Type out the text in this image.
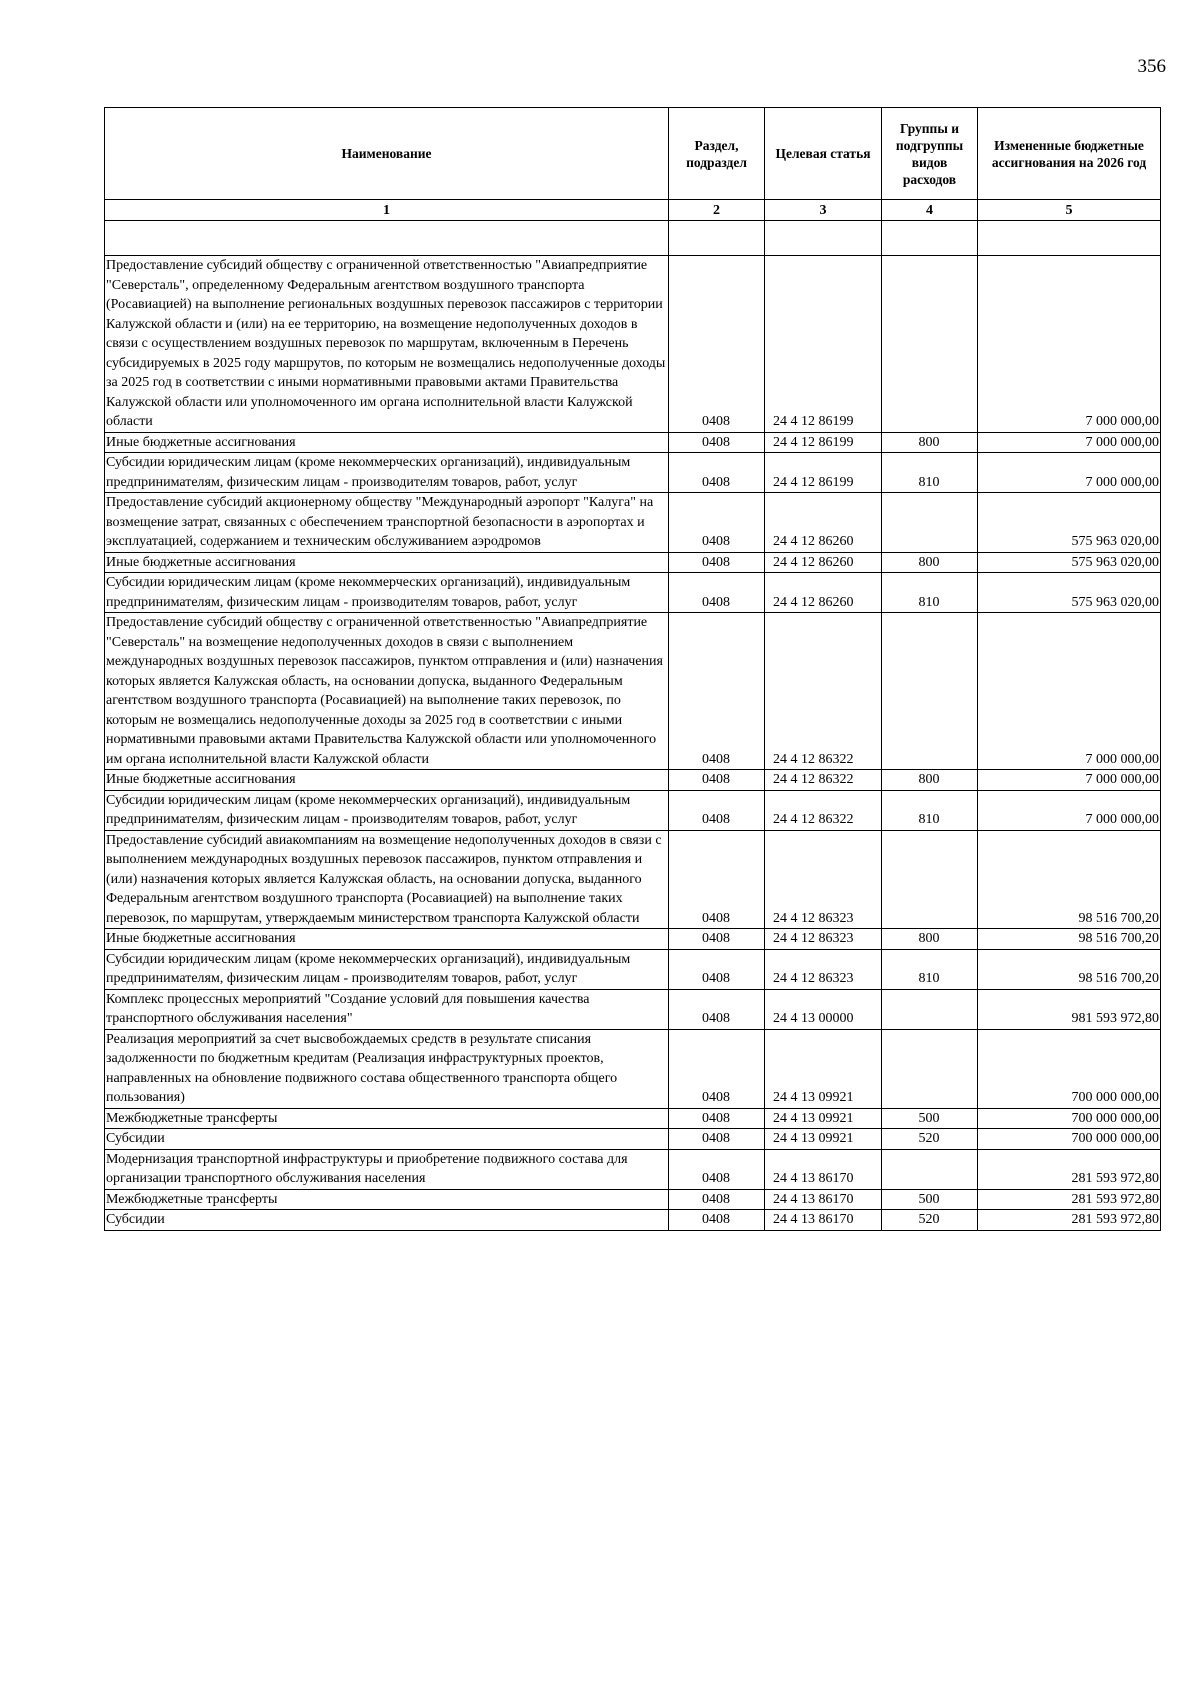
356
Наименование	Раздел, подраздел	Целевая статья	Группы и подгруппы видов расходов	Измененные бюджетные ассигнования на 2026 год
1	2	3	4	5

Предоставление субсидий обществу с ограниченной ответственностью "Авиапредприятие "Северсталь", определенному Федеральным агентством воздушного транспорта (Росавиацией) на выполнение региональных воздушных перевозок пассажиров с территории Калужской области и (или) на ее территорию, на возмещение недополученных доходов в связи с осуществлением воздушных перевозок по маршрутам, включенным в Перечень субсидируемых в 2025 году маршрутов, по которым не возмещались недополученные доходы за 2025 год в соответствии с иными нормативными правовыми актами Правительства Калужской области или уполномоченного им органа исполнительной власти Калужской области	0408	24 4 12 86199		7 000 000,00
Иные бюджетные ассигнования	0408	24 4 12 86199	800	7 000 000,00
Субсидии юридическим лицам (кроме некоммерческих организаций), индивидуальным предпринимателям, физическим лицам - производителям товаров, работ, услуг	0408	24 4 12 86199	810	7 000 000,00
Предоставление субсидий акционерному обществу "Международный аэропорт "Калуга" на возмещение затрат, связанных с обеспечением транспортной безопасности в аэропортах и эксплуатацией, содержанием и техническим обслуживанием аэродромов	0408	24 4 12 86260		575 963 020,00
Иные бюджетные ассигнования	0408	24 4 12 86260	800	575 963 020,00
Субсидии юридическим лицам (кроме некоммерческих организаций), индивидуальным предпринимателям, физическим лицам - производителям товаров, работ, услуг	0408	24 4 12 86260	810	575 963 020,00
Предоставление субсидий обществу с ограниченной ответственностью "Авиапредприятие "Северсталь" на возмещение недополученных доходов в связи с выполнением международных воздушных перевозок пассажиров, пунктом отправления и (или) назначения которых является Калужская область, на основании допуска, выданного Федеральным агентством воздушного транспорта (Росавиацией) на выполнение таких перевозок, по которым не возмещались недополученные доходы за 2025 год в соответствии с иными нормативными правовыми актами Правительства Калужской области или уполномоченного им органа исполнительной власти Калужской области	0408	24 4 12 86322		7 000 000,00
Иные бюджетные ассигнования	0408	24 4 12 86322	800	7 000 000,00
Субсидии юридическим лицам (кроме некоммерческих организаций), индивидуальным предпринимателям, физическим лицам - производителям товаров, работ, услуг	0408	24 4 12 86322	810	7 000 000,00
Предоставление субсидий авиакомпаниям на возмещение недополученных доходов в связи с выполнением международных воздушных перевозок пассажиров, пунктом отправления и (или) назначения которых является Калужская область, на основании допуска, выданного Федеральным агентством воздушного транспорта (Росавиацией) на выполнение таких перевозок, по маршрутам, утверждаемым министерством транспорта Калужской области	0408	24 4 12 86323		98 516 700,20
Иные бюджетные ассигнования	0408	24 4 12 86323	800	98 516 700,20
Субсидии юридическим лицам (кроме некоммерческих организаций), индивидуальным предпринимателям, физическим лицам - производителям товаров, работ, услуг	0408	24 4 12 86323	810	98 516 700,20
Комплекс процессных мероприятий "Создание условий для повышения качества транспортного обслуживания населения"	0408	24 4 13 00000		981 593 972,80
Реализация мероприятий за счет высвобождаемых средств в результате списания задолженности по бюджетным кредитам (Реализация инфраструктурных проектов, направленных на обновление подвижного состава общественного транспорта общего пользования)	0408	24 4 13 09921		700 000 000,00
Межбюджетные трансферты	0408	24 4 13 09921	500	700 000 000,00
Субсидии	0408	24 4 13 09921	520	700 000 000,00
Модернизация транспортной инфраструктуры и приобретение подвижного состава для организации транспортного обслуживания населения	0408	24 4 13 86170		281 593 972,80
Межбюджетные трансферты	0408	24 4 13 86170	500	281 593 972,80
Субсидии	0408	24 4 13 86170	520	281 593 972,80
